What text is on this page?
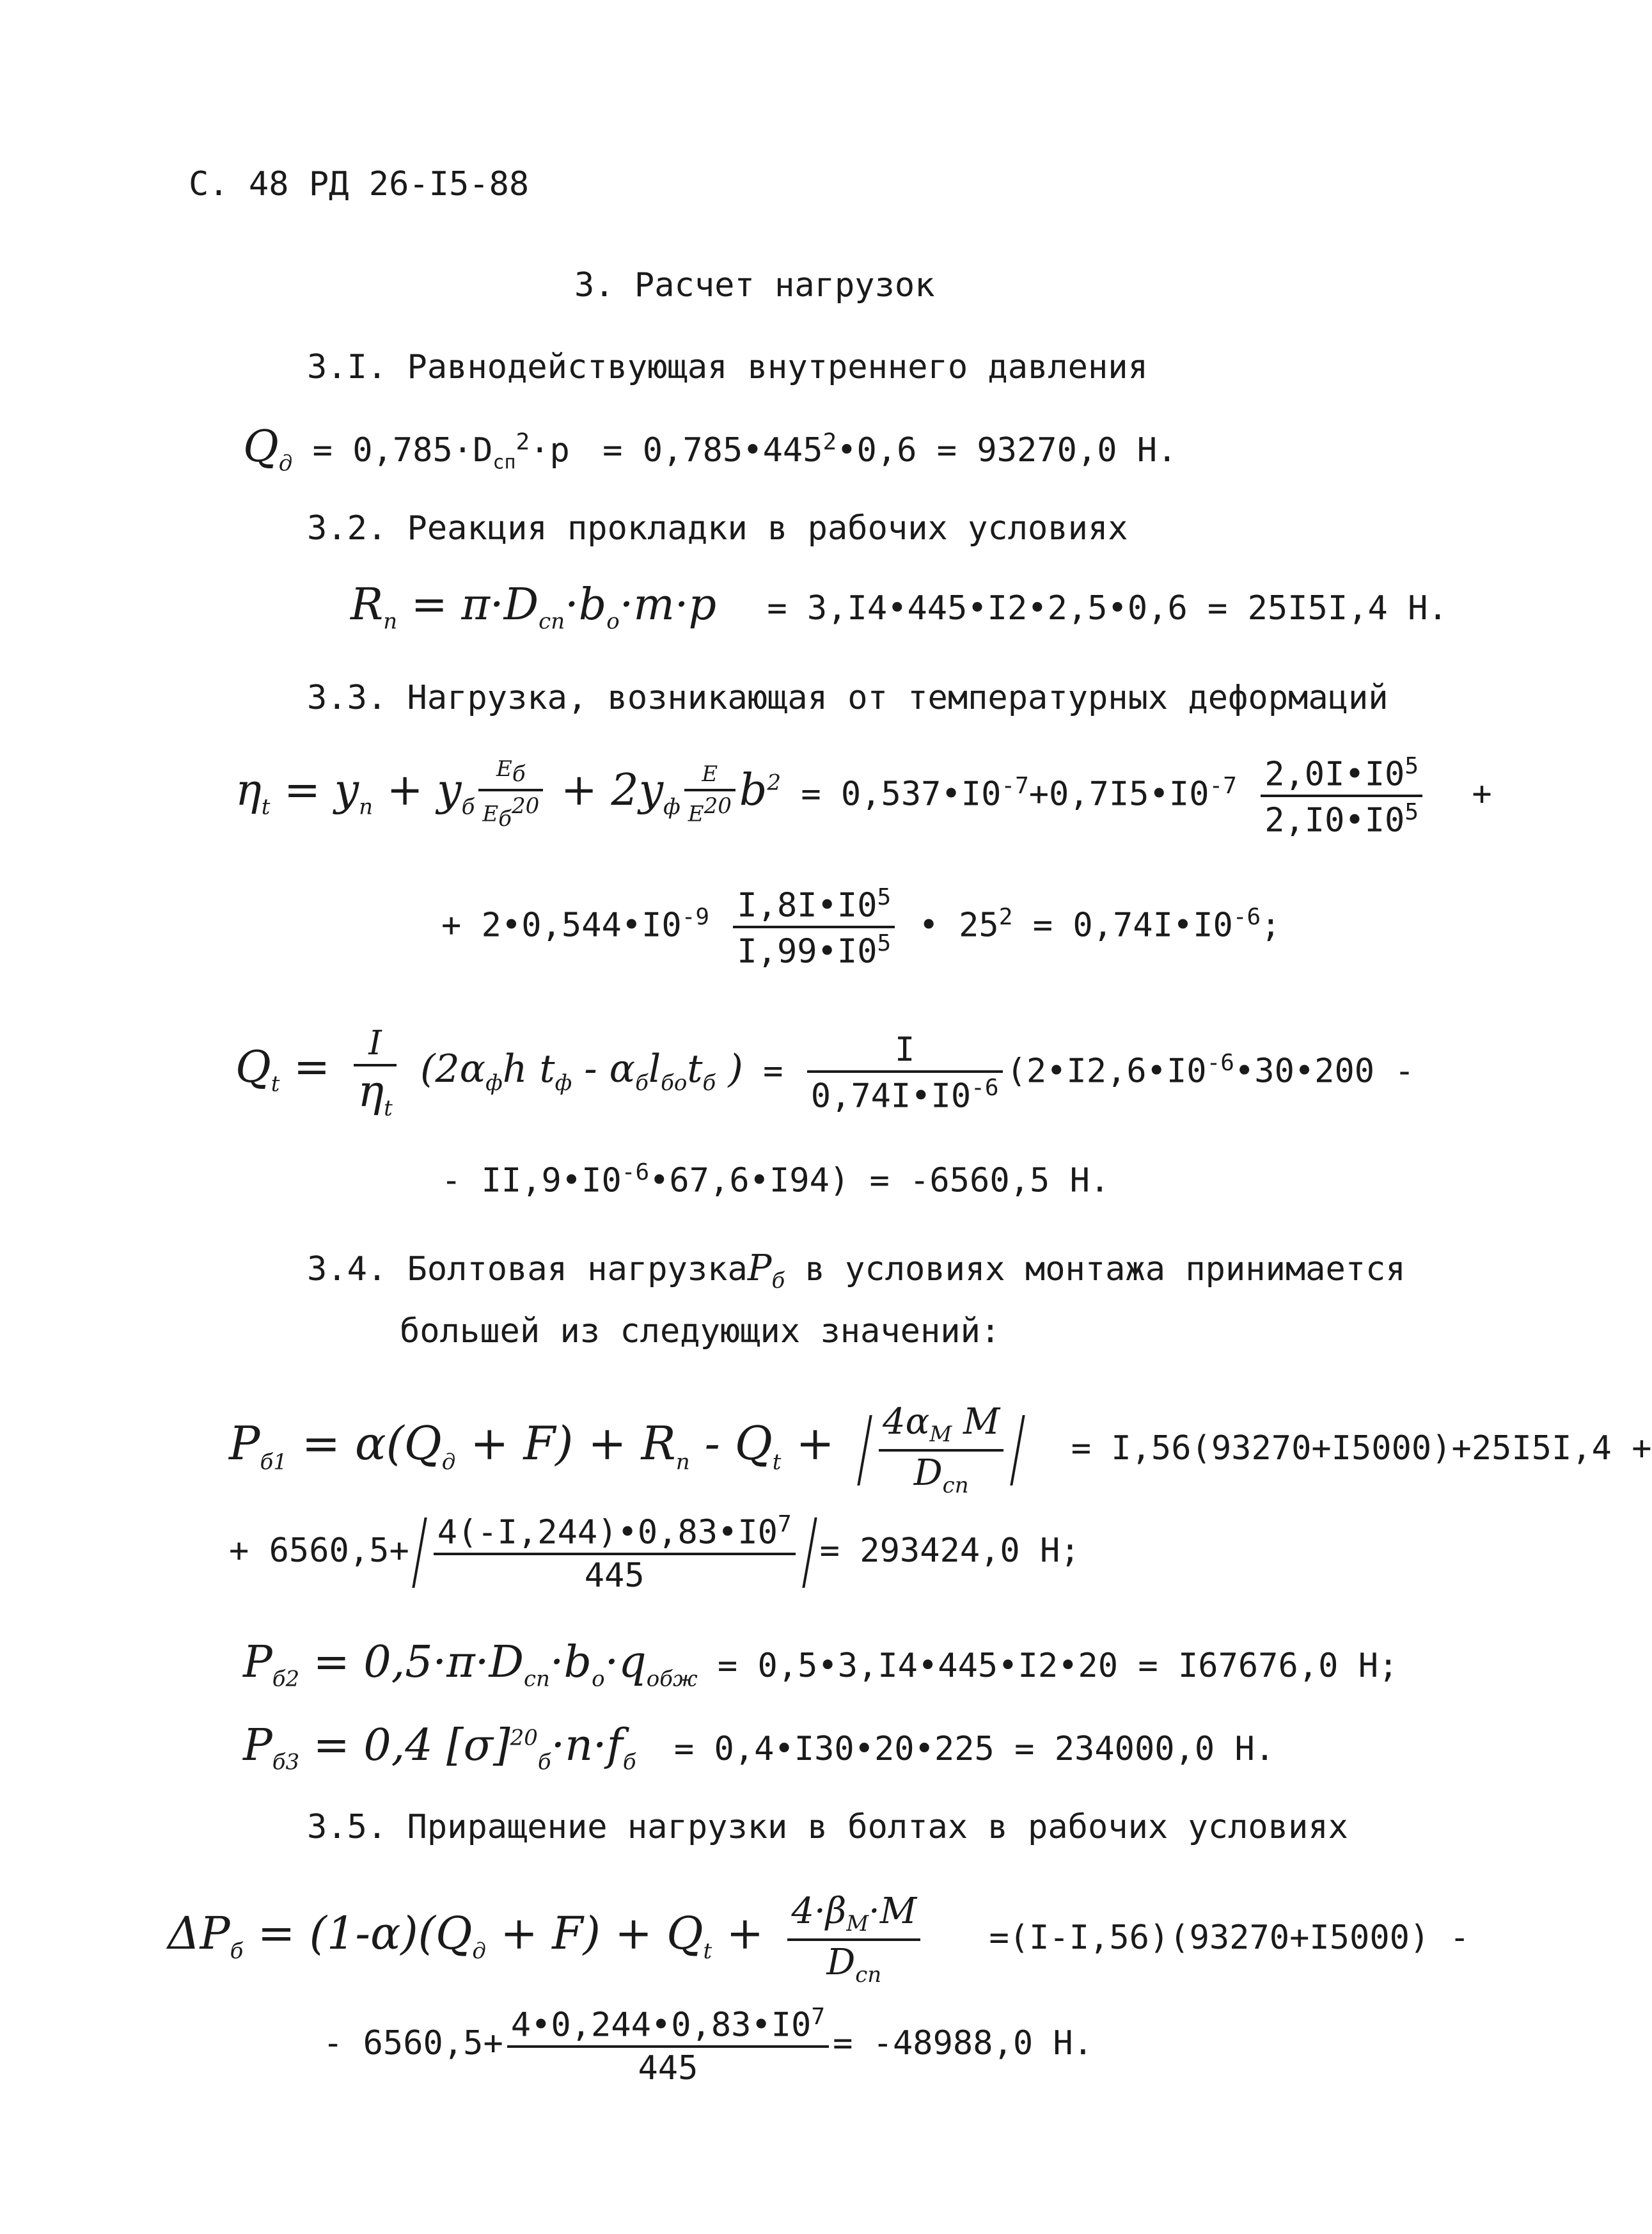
С. 48 РД 26-I5-88
3. Расчет нагрузок
3.I. Равнодействующая внутреннего давления
$Q_д = 0,785\cdot D_{сп}^2\cdot p$ = $0,785•445^2•0,6 = 93270,0$ Н.
3.2. Реакция прокладки в рабочих условиях
$R_n = \pi\cdot D_{сп}\cdot b_о\cdot m\cdot p$ = 3,I4•445•I2•2,5•0,6 = 25I5I,4 Н.
3.3. Нагрузка, возникающая от температурных деформаций
$\eta_t = y_n + y_б \frac{E_б}{E_б^{20}} + 2y_ф \frac{E}{E^{20}} b^2$ = $0,537•I0^{-7}+0,7I5•I0^{-7} \frac{2,0I•I0^5}{2,I0•I0^5}$ +
+ $2•0,544•I0^{-9} \frac{I,8I•I0^5}{I,99•I0^5}$ • $25^2$ = $0,74I•I0^{-6}$;
$Q_t = \frac{I}{\eta_t} (2\alpha_фh$ $t_ф - \alpha_бl_{бо}t_б$ ) = $\frac{I}{0,74I•I0^{-6}}$ ($2•I2,6•I0^{-6}•30•200$ -
- $II,9•I0^{-6}•67,6•I94) = -6560,5$ Н.
3.4. Болтовая нагрузкаP$_б$ в условиях монтажа принимается
большей из следующих значений:
$P_{б1} = \alpha(Q_д + F) + R_n - Q_t + \frac{4\alpha_M M}{D_{сп}} = I,56(93270+I5000)+25I5I,4$ +
+ $6560,5+ \frac{4(-I,244)•0,83•I0^7}{445} = 293424,0$ Н;
$P_{б2} = 0,5\cdot\pi\cdot D_{сп}\cdot b_о\cdot q_{обж}$ = 0,5•3,I4•445•I2•20 = I67676,0 Н;
$P_{б3} = 0,4$ $[\sigma]^{20}_б\cdot n\cdot f_б$ = 0,4•I30•20•225 = 234000,0 Н.
3.5. Приращение нагрузки в болтах в рабочих условиях
$\Delta P_б = (1-\alpha)(Q_д + F) + Q_t + \frac{4\cdot\beta_M\cdot M}{D_{сп}} =(I-I,56)(93270+I5000)$ -
- $6560,5+ \frac{4•0,244•0,83•I0^7}{445} = -48988,0$ Н.
